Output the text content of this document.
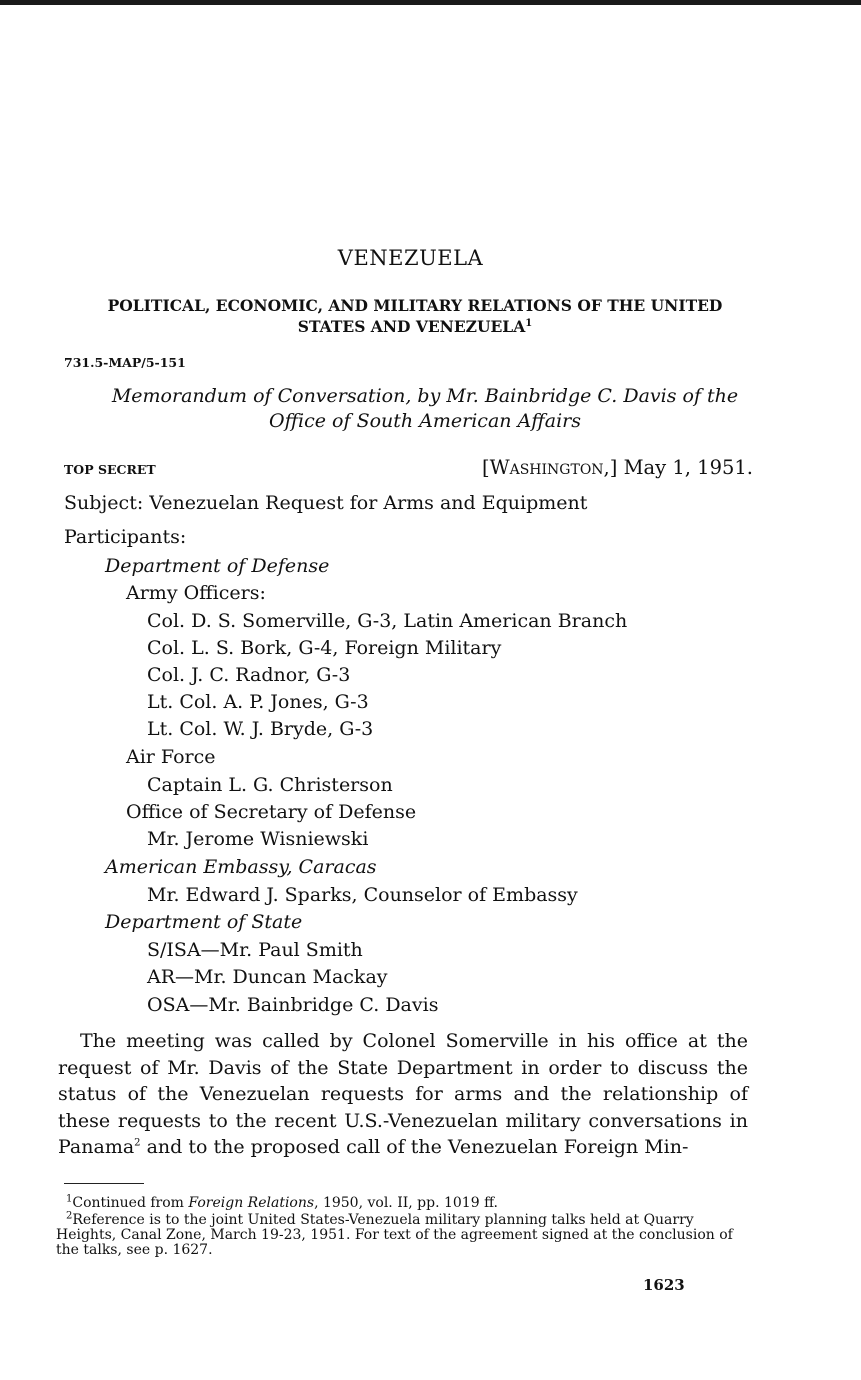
VENEZUELA
POLITICAL, ECONOMIC, AND MILITARY RELATIONS OF THE UNITED
STATES AND VENEZUELA$^1$
731.5-MAP/5-151
Memorandum of Conversation, by Mr. Bainbridge C. Davis of the
Office of South American Affairs
TOP SECRET	[Washington,] May 1, 1951.
Subject: Venezuelan Request for Arms and Equipment
Participants:
Department of Defense
Army Officers:
Col. D. S. Somerville, G-3, Latin American Branch
Col. L. S. Bork, G-4, Foreign Military
Col. J. C. Radnor, G-3
Lt. Col. A. P. Jones, G-3
Lt. Col. W. J. Bryde, G-3
Air Force
Captain L. G. Christerson
Office of Secretary of Defense
Mr. Jerome Wisniewski
American Embassy, Caracas
Mr. Edward J. Sparks, Counselor of Embassy
Department of State
S/ISA—Mr. Paul Smith
AR—Mr. Duncan Mackay
OSA—Mr. Bainbridge C. Davis
The meeting was called by Colonel Somerville in his office at the request of Mr. Davis of the State Department in order to discuss the status of the Venezuelan requests for arms and the relationship of these requests to the recent U.S.-Venezuelan military conversations in Panama$^2$ and to the proposed call of the Venezuelan Foreign Min-
$^1$Continued from Foreign Relations, 1950, vol. II, pp. 1019 ff.
$^2$Reference is to the joint United States-Venezuela military planning talks held at Quarry Heights, Canal Zone, March 19-23, 1951. For text of the agreement signed at the conclusion of the talks, see p. 1627.
1623
